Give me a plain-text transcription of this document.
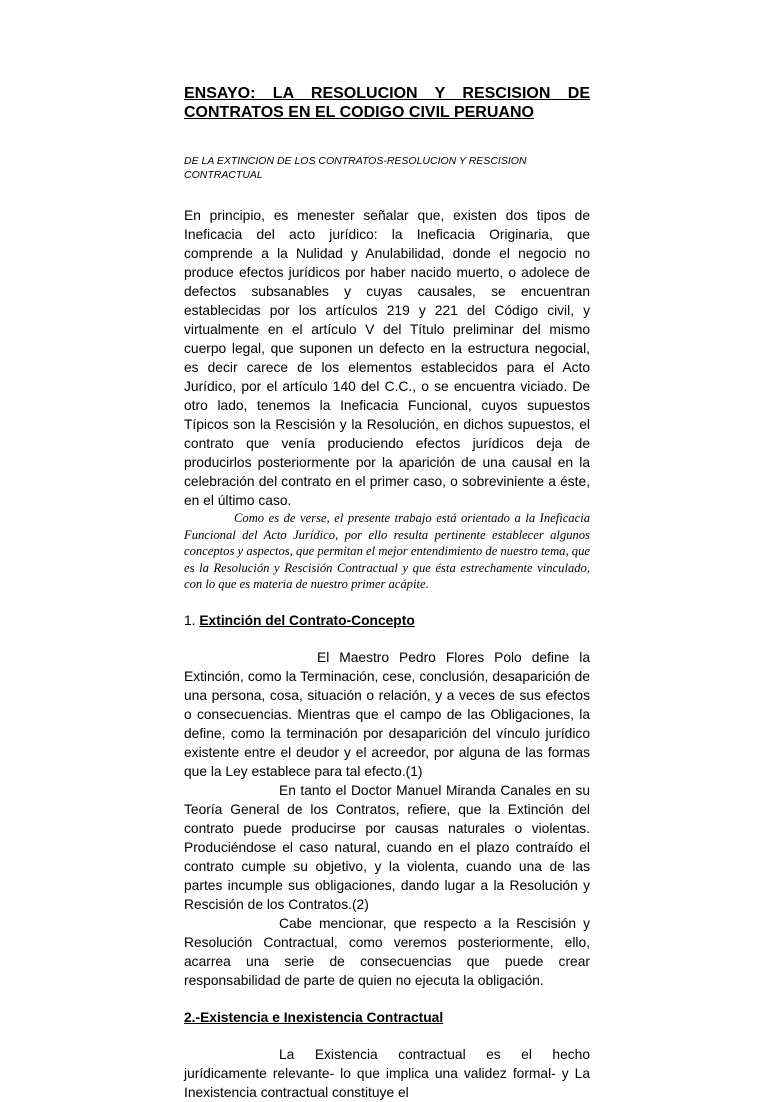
ENSAYO: LA RESOLUCION Y RESCISION DE
CONTRATOS EN EL CODIGO CIVIL PERUANO

DE LA EXTINCION DE LOS CONTRATOS-RESOLUCION Y RESCISION CONTRACTUAL

En principio, es menester señalar que, existen dos tipos de Ineficacia del acto jurídico: la Ineficacia Originaria, que comprende a la Nulidad y Anulabilidad, donde el negocio no produce efectos jurídicos por haber nacido muerto, o adolece de defectos subsanables y cuyas causales, se encuentran establecidas por los artículos 219 y 221 del Código civil, y virtualmente en el artículo V del Título preliminar del mismo cuerpo legal, que suponen un defecto en la estructura negocial, es decir carece de los elementos establecidos para el Acto Jurídico, por el artículo 140 del C.C., o se encuentra viciado. De otro lado, tenemos la Ineficacia Funcional, cuyos supuestos Típicos son la Rescisión y la Resolución, en dichos supuestos, el contrato que venía produciendo efectos jurídicos deja de producirlos posteriormente por la aparición de una causal en la celebración del contrato en el primer caso, o sobreviniente a éste, en el último caso.

Como es de verse, el presente trabajo está orientado a la Ineficacia Funcional del Acto Jurídico, por ello resulta pertinente establecer algunos conceptos y aspectos, que permitan el mejor entendimiento de nuestro tema, que es la Resolución y Rescisión Contractual y que ésta estrechamente vinculado, con lo que es materia de nuestro primer acápite.

1. Extinción del Contrato-Concepto

El Maestro Pedro Flores Polo define la Extinción, como la Terminación, cese, conclusión, desaparición de una persona, cosa, situación o relación, y a veces de sus efectos o consecuencias. Mientras que el campo de las Obligaciones, la define, como la terminación por desaparición del vínculo jurídico existente entre el deudor y el acreedor, por alguna de las formas que la Ley establece para tal efecto.(1)

En tanto el Doctor Manuel Miranda Canales en su Teoría General de los Contratos, refiere, que la Extinción del contrato puede producirse por causas naturales o violentas. Produciéndose el caso natural, cuando en el plazo contraído el contrato cumple su objetivo, y la violenta, cuando una de las partes incumple sus obligaciones, dando lugar a la Resolución y Rescisión de los Contratos.(2)

Cabe mencionar, que respecto a la Rescisión y Resolución Contractual, como veremos posteriormente, ello, acarrea una serie de consecuencias que puede crear responsabilidad de parte de quien no ejecuta la obligación.

2.-Existencia e Inexistencia Contractual

La Existencia contractual es el hecho jurídicamente relevante- lo que implica una validez formal- y La Inexistencia contractual constituye el
